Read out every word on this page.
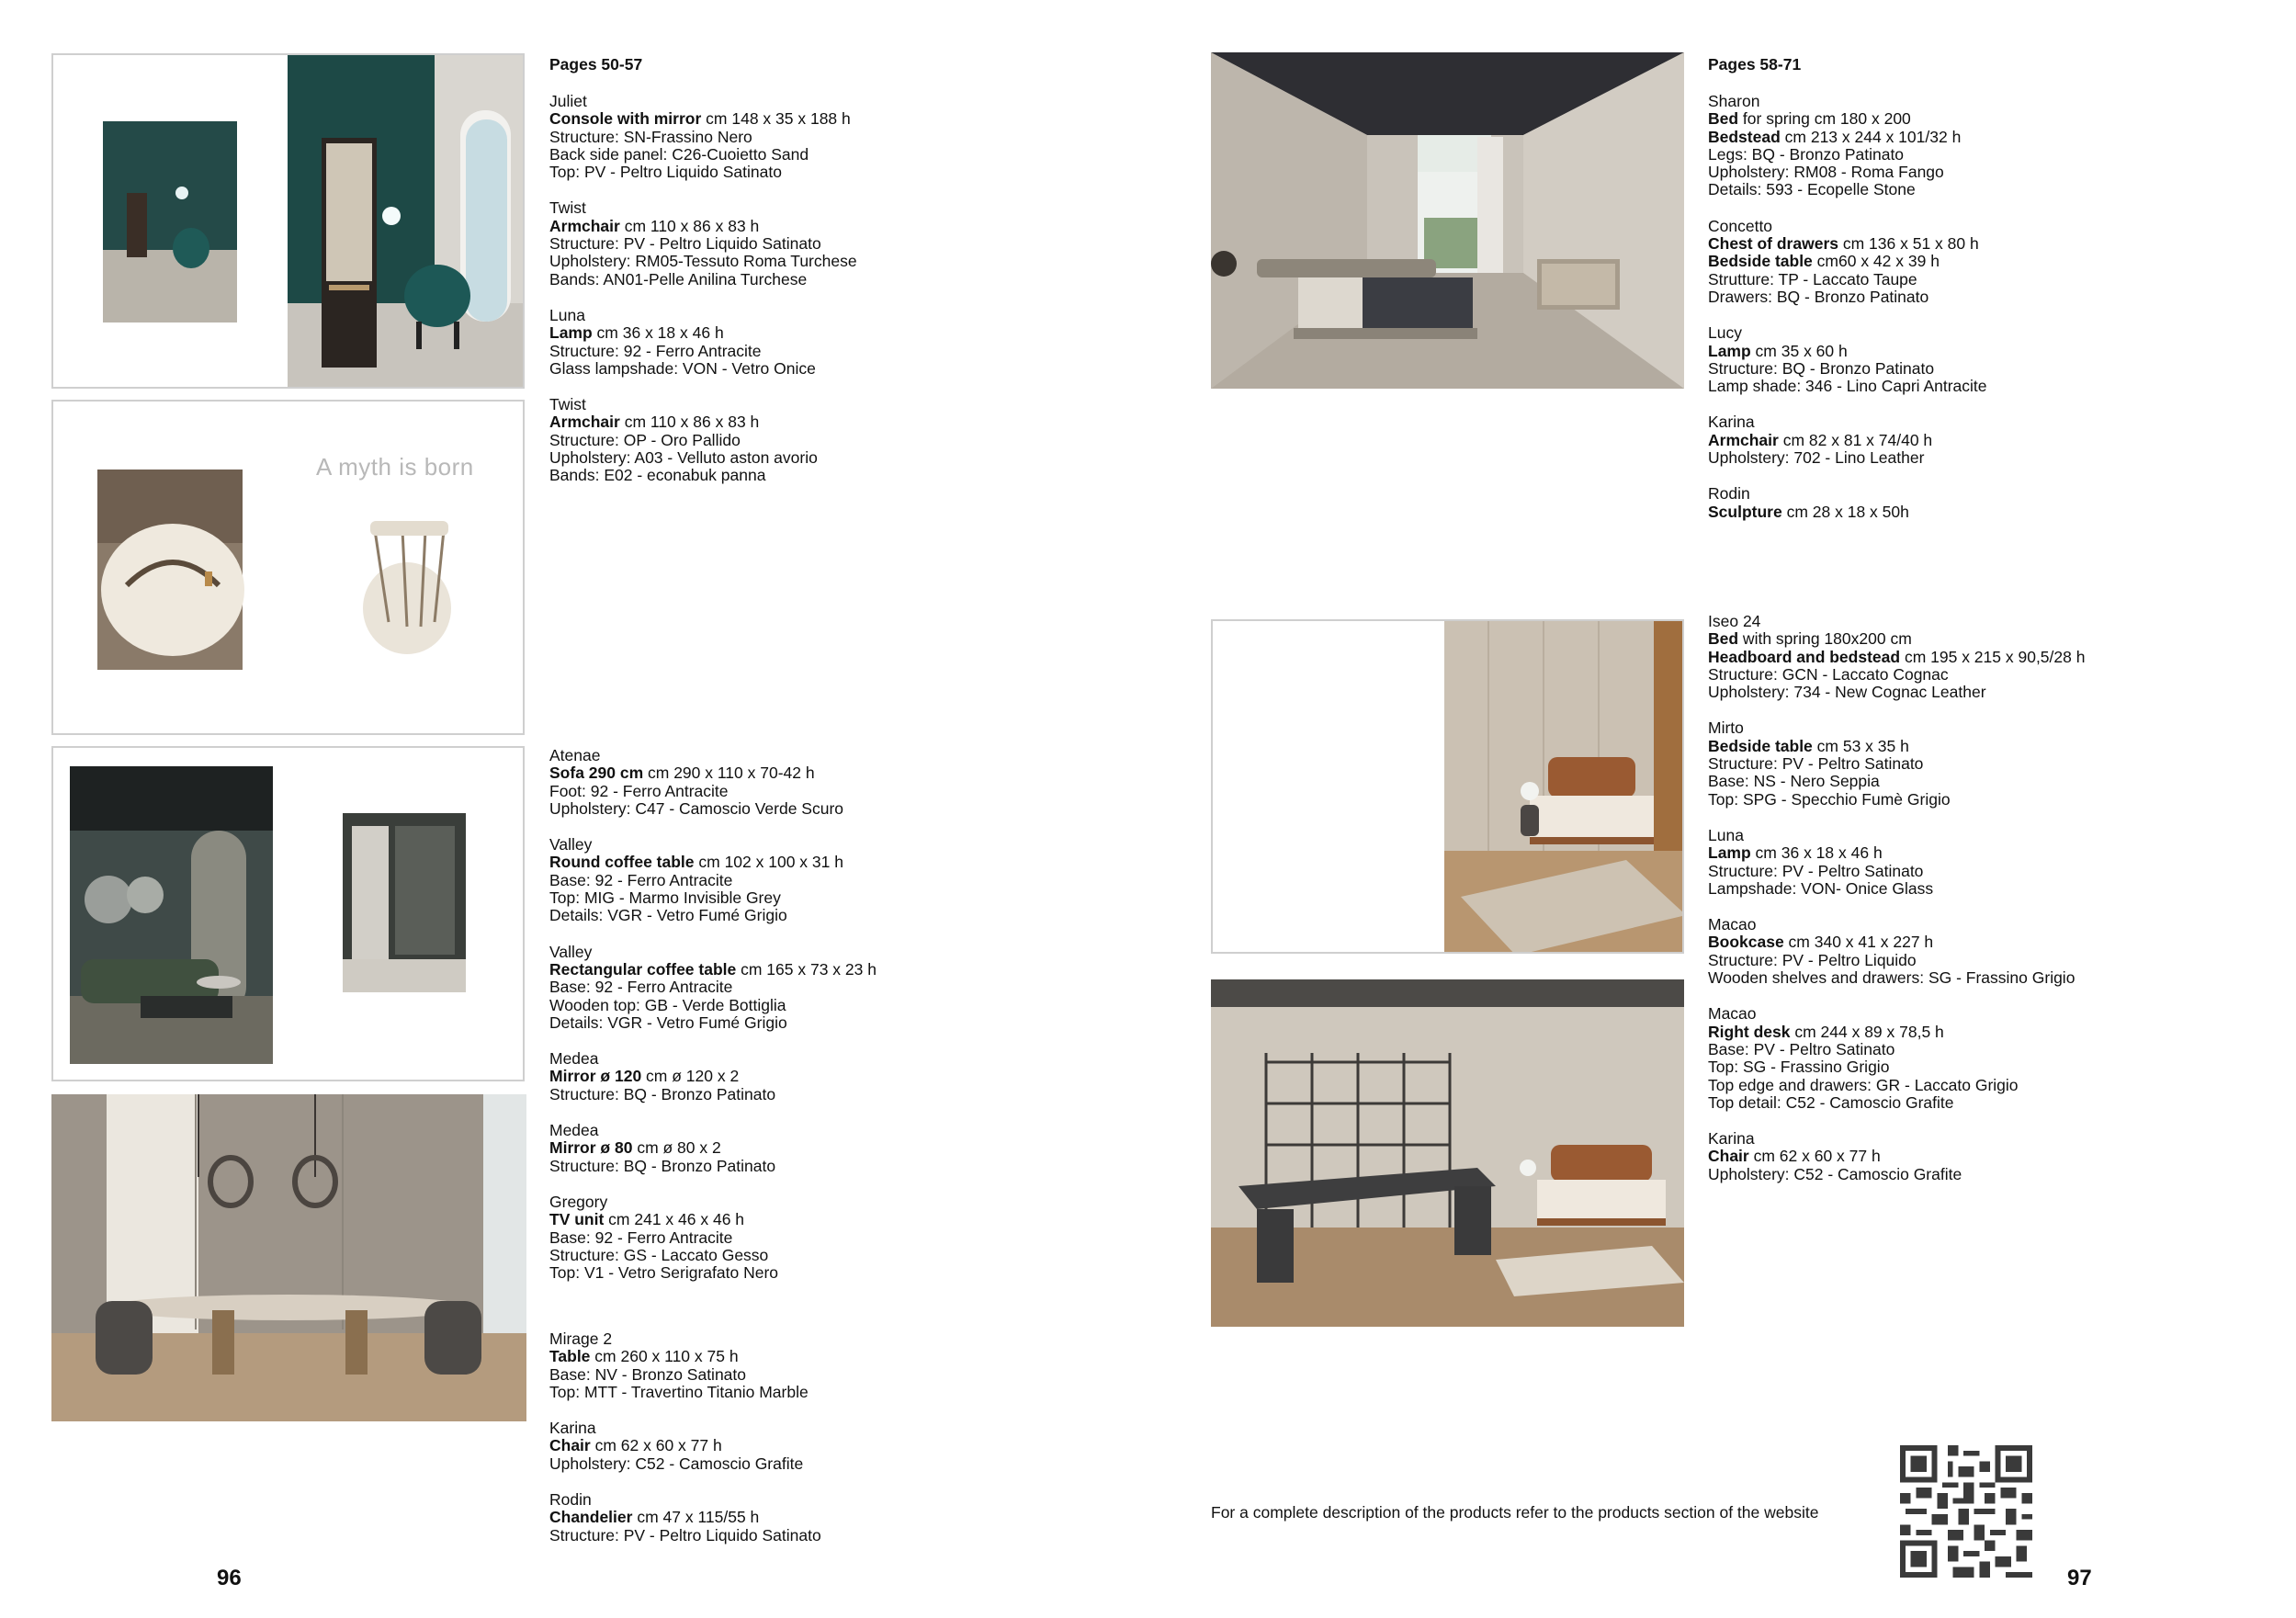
A myth is born
Pages 50-57
Juliet
Console with mirror cm 148 x 35 x 188 h
Structure: SN-Frassino Nero
Back side panel: C26-Cuoietto Sand
Top: PV - Peltro Liquido Satinato
Twist
Armchair cm 110 x 86 x 83 h
Structure: PV - Peltro Liquido Satinato
Upholstery: RM05-Tessuto Roma Turchese
Bands: AN01-Pelle Anilina Turchese
Luna
Lamp cm 36 x 18 x 46 h
Structure: 92 - Ferro Antracite
Glass lampshade: VON - Vetro Onice
Twist
Armchair cm 110 x 86 x 83 h
Structure: OP - Oro Pallido
Upholstery: A03 - Velluto aston avorio
Bands: E02 - econabuk panna
Atenae
Sofa 290 cm cm 290 x 110 x 70-42 h
Foot: 92 - Ferro Antracite
Upholstery: C47 - Camoscio Verde Scuro
Valley
Round coffee table cm 102 x 100 x 31 h
Base: 92 - Ferro Antracite
Top: MIG - Marmo Invisible Grey
Details: VGR - Vetro Fumé Grigio
Valley
Rectangular coffee table cm 165 x 73 x 23 h
Base: 92 - Ferro Antracite
Wooden top: GB - Verde Bottiglia
Details: VGR - Vetro Fumé Grigio
Medea
Mirror ø 120 cm ø 120 x 2
Structure: BQ - Bronzo Patinato
Medea
Mirror ø 80 cm ø 80 x 2
Structure: BQ - Bronzo Patinato
Gregory
TV unit cm 241 x 46 x 46 h
Base: 92 - Ferro Antracite
Structure: GS - Laccato Gesso
Top: V1 - Vetro Serigrafato Nero
Mirage 2
Table cm 260 x 110 x 75 h
Base: NV - Bronzo Satinato
Top: MTT - Travertino Titanio Marble
Karina
Chair cm 62 x 60 x 77 h
Upholstery: C52 - Camoscio Grafite
Rodin
Chandelier cm 47 x 115/55 h
Structure: PV - Peltro Liquido Satinato
96
Pages 58-71
Sharon
Bed for spring cm 180 x 200
Bedstead cm 213 x 244 x 101/32 h
Legs: BQ - Bronzo Patinato
Upholstery: RM08 - Roma Fango
Details: 593 - Ecopelle Stone
Concetto
Chest of drawers cm 136 x 51 x 80 h
Bedside table cm60 x 42 x 39 h
Strutture: TP - Laccato Taupe
Drawers: BQ - Bronzo Patinato
Lucy
Lamp cm 35 x 60 h
Structure: BQ - Bronzo Patinato
Lamp shade: 346 - Lino Capri Antracite
Karina
Armchair cm 82 x 81 x 74/40 h
Upholstery: 702 - Lino Leather
Rodin
Sculpture cm 28 x 18 x 50h
Iseo 24
Bed with spring 180x200 cm
Headboard and bedstead cm 195 x 215 x 90,5/28 h
Structure: GCN - Laccato Cognac
Upholstery: 734 - New Cognac Leather
Mirto
Bedside table cm 53 x 35 h
Structure: PV - Peltro Satinato
Base: NS - Nero Seppia
Top: SPG - Specchio Fumè Grigio
Luna
Lamp cm 36 x 18 x 46 h
Structure: PV - Peltro Satinato
Lampshade: VON- Onice Glass
Macao
Bookcase cm 340 x 41 x 227 h
Structure: PV - Peltro Liquido
Wooden shelves and drawers: SG - Frassino Grigio
Macao
Right desk cm 244 x 89 x 78,5 h
Base: PV - Peltro Satinato
Top: SG - Frassino Grigio
Top edge and drawers: GR - Laccato Grigio
Top detail: C52 - Camoscio Grafite
Karina
Chair cm 62 x 60 x 77 h
Upholstery: C52 - Camoscio Grafite
For a complete description of the products refer to the products section of the website
97
